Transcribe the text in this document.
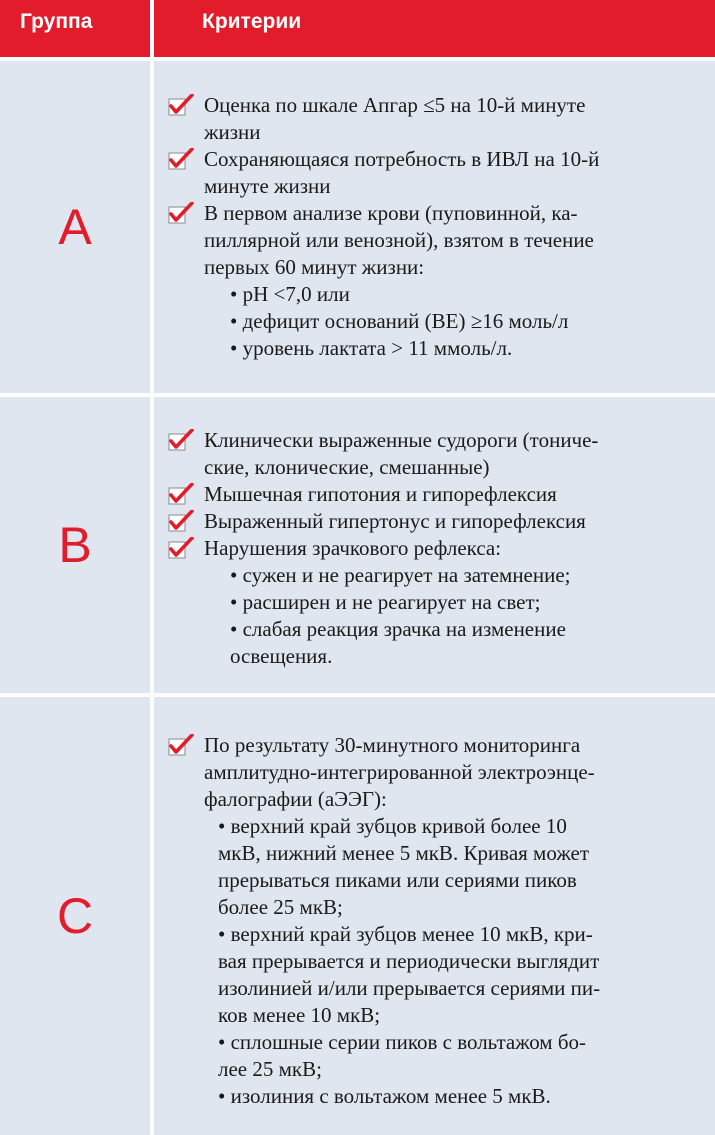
Группа	Критерии
A
Оценка по шкале Апгар ≤5 на 10-й минуте
жизни
Сохраняющаяся потребность в ИВЛ на 10-й
минуте жизни
В первом анализе крови (пуповинной, ка-
пиллярной или венозной), взятом в течение
первых 60 минут жизни:
• рН <7,0 или
• дефицит оснований (ВЕ) ≥16 моль/л
• уровень лактата > 11 ммоль/л.
B
Клинически выраженные судороги (тониче-
ские, клонические, смешанные)
Мышечная гипотония и гипорефлексия
Выраженный гипертонус и гипорефлексия
Нарушения зрачкового рефлекса:
• сужен и не реагирует на затемнение;
• расширен и не реагирует на свет;
• слабая реакция зрачка на изменение
освещения.
C
По результату 30-минутного мониторинга
амплитудно-интегрированной электроэнце-
фалографии (аЭЭГ):
• верхний край зубцов кривой более 10
мкВ, нижний менее 5 мкВ. Кривая может
прерываться пиками или сериями пиков
более 25 мкВ;
• верхний край зубцов менее 10 мкВ, кри-
вая прерывается и периодически выглядит
изолинией и/или прерывается сериями пи-
ков менее 10 мкВ;
• сплошные серии пиков с вольтажом бо-
лее 25 мкВ;
• изолиния с вольтажом менее 5 мкВ.
